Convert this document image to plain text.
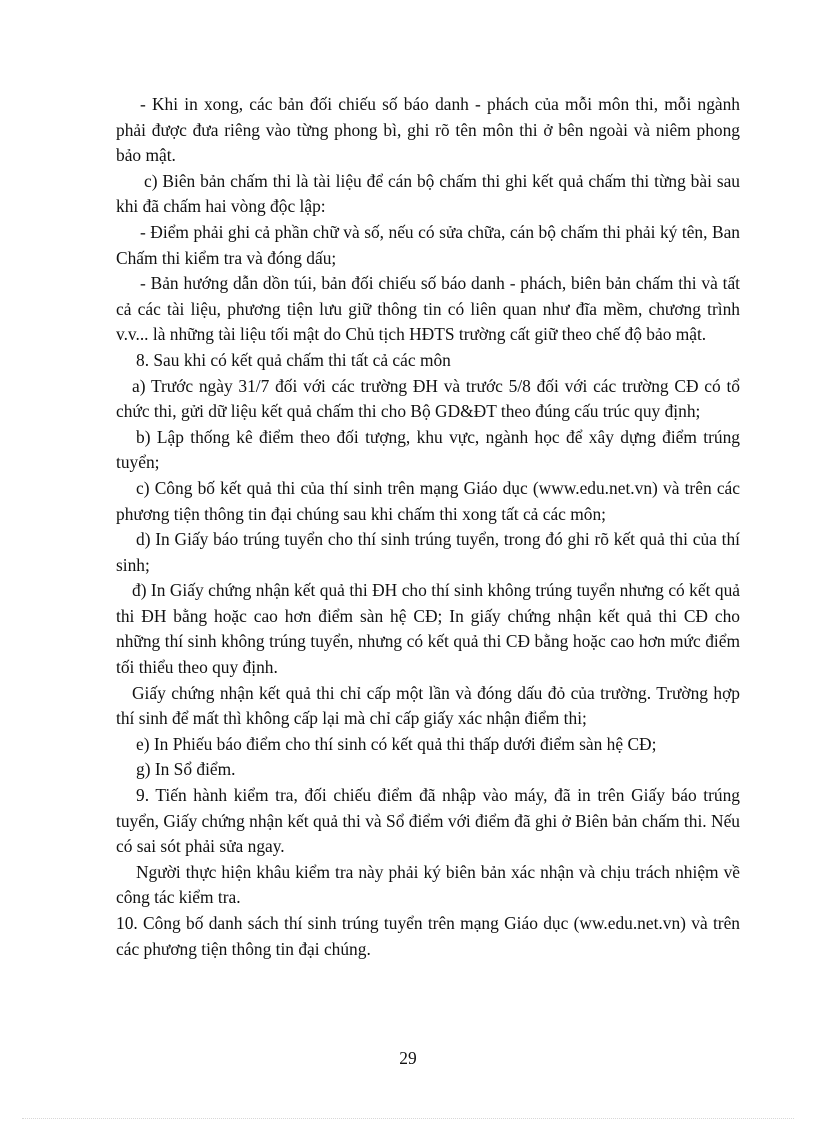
- Khi in xong, các bản đối chiếu số báo danh - phách của mỗi môn thi, mỗi ngành phải được đưa riêng vào từng phong bì, ghi rõ tên môn thi ở bên ngoài và niêm phong bảo mật.

c) Biên bản chấm thi là tài liệu để cán bộ chấm thi ghi kết quả chấm thi từng bài sau khi đã chấm hai vòng độc lập:

- Điểm phải ghi cả phần chữ và số, nếu có sửa chữa, cán bộ chấm thi phải ký tên, Ban Chấm thi kiểm tra và đóng dấu;

- Bản hướng dẫn dồn túi, bản đối chiếu số báo danh - phách, biên bản chấm thi và tất cả các tài liệu, phương tiện lưu giữ thông tin có liên quan như đĩa mềm, chương trình v.v... là những tài liệu tối mật do Chủ tịch HĐTS trường cất giữ theo chế độ bảo mật.

8. Sau khi có kết quả chấm thi tất cả các môn

a) Trước ngày 31/7 đối với các trường ĐH và trước 5/8 đối với các trường CĐ có tổ chức thi, gửi dữ liệu kết quả chấm thi cho Bộ GD&ĐT theo đúng cấu trúc quy định;

b) Lập thống kê điểm theo đối tượng, khu vực, ngành học để xây dựng điểm trúng tuyển;

c) Công bố kết quả thi của thí sinh trên mạng Giáo dục (www.edu.net.vn) và trên các phương tiện thông tin đại chúng sau khi chấm thi xong tất cả các môn;

d) In Giấy báo trúng tuyển cho thí sinh trúng tuyển, trong đó ghi rõ kết quả thi của thí sinh;

đ) In Giấy chứng nhận kết quả thi ĐH cho thí sinh không trúng tuyển nhưng có kết quả thi ĐH bằng hoặc cao hơn điểm sàn hệ CĐ; In giấy chứng nhận kết quả thi CĐ cho những thí sinh không trúng tuyển, nhưng có kết quả thi CĐ bằng hoặc cao hơn mức điểm tối thiểu theo quy định.

Giấy chứng nhận kết quả thi chỉ cấp một lần và đóng dấu đỏ của trường. Trường hợp thí sinh để mất thì không cấp lại mà chỉ cấp giấy xác nhận điểm thi;

e) In Phiếu báo điểm cho thí sinh có kết quả thi thấp dưới điểm sàn hệ CĐ;

g) In Sổ điểm.

9. Tiến hành kiểm tra, đối chiếu điểm đã nhập vào máy, đã in trên Giấy báo trúng tuyển, Giấy chứng nhận kết quả thi và Sổ điểm với điểm đã ghi ở Biên bản chấm thi. Nếu có sai sót phải sửa ngay.

Người thực hiện khâu kiểm tra này phải ký biên bản xác nhận và chịu trách nhiệm về công tác kiểm tra.

10. Công bố danh sách thí sinh trúng tuyển trên mạng Giáo dục (ww.edu.net.vn) và trên các phương tiện thông tin đại chúng.

29
